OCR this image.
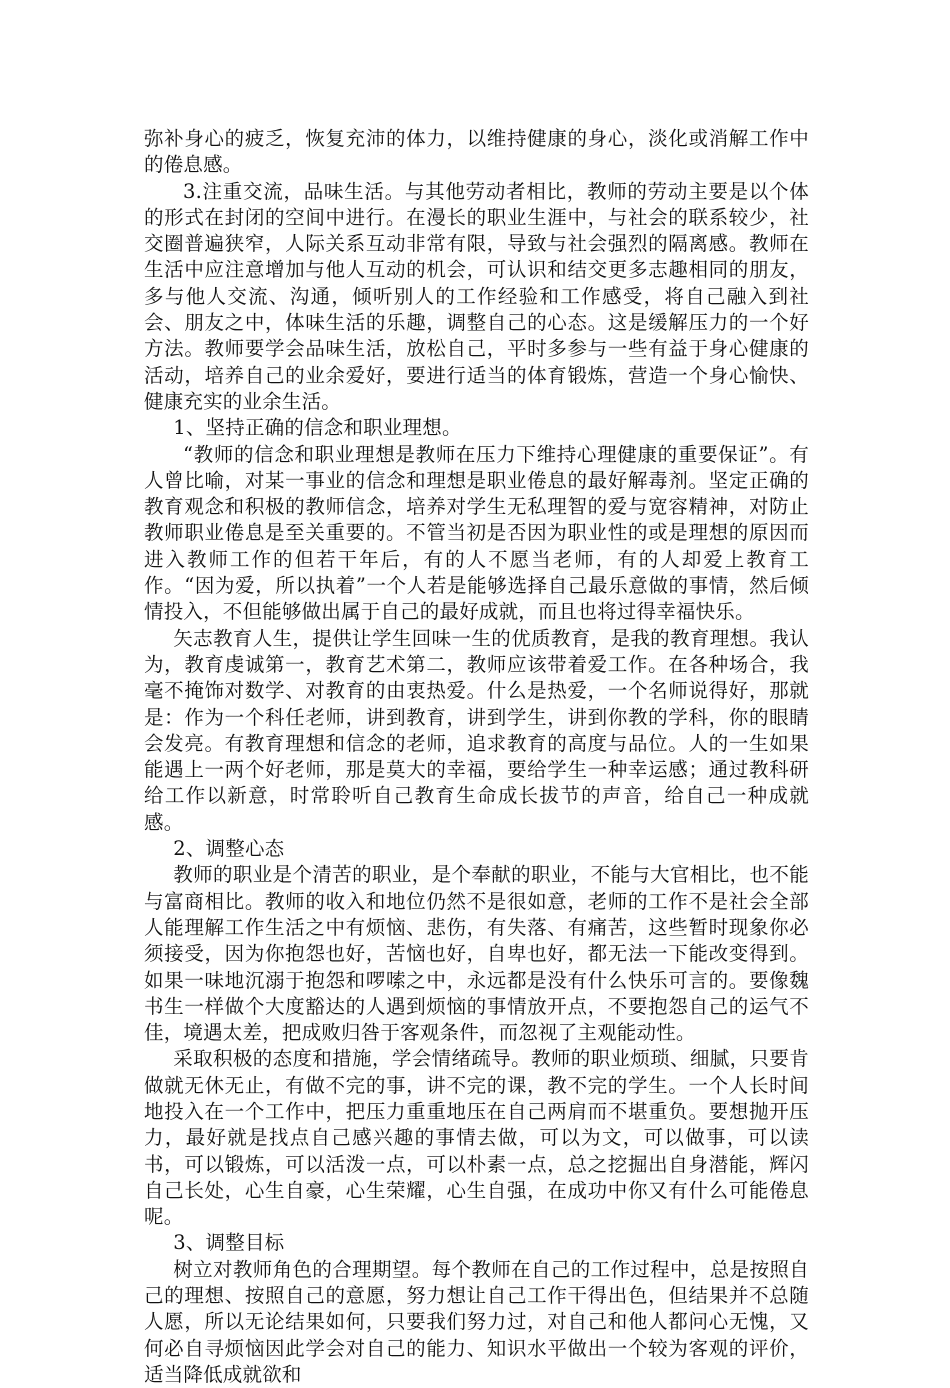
弥补身心的疲乏，恢复充沛的体力，以维持健康的身心，淡化或消解工作中的倦息感。

3.注重交流，品味生活。与其他劳动者相比，教师的劳动主要是以个体的形式在封闭的空间中进行。在漫长的职业生涯中，与社会的联系较少，社交圈普遍狭窄，人际关系互动非常有限，导致与社会强烈的隔离感。教师在生活中应注意增加与他人互动的机会，可认识和结交更多志趣相同的朋友，多与他人交流、沟通，倾听别人的工作经验和工作感受，将自己融入到社会、朋友之中，体味生活的乐趣，调整自己的心态。这是缓解压力的一个好方法。教师要学会品味生活，放松自己，平时多参与一些有益于身心健康的活动，培养自己的业余爱好，要进行适当的体育锻炼，营造一个身心愉快、健康充实的业余生活。

1、坚持正确的信念和职业理想。

“教师的信念和职业理想是教师在压力下维持心理健康的重要保证”。有人曾比喻，对某一事业的信念和理想是职业倦息的最好解毒剂。坚定正确的教育观念和积极的教师信念，培养对学生无私理智的爱与宽容精神，对防止教师职业倦息是至关重要的。不管当初是否因为职业性的或是理想的原因而进入教师工作的但若干年后，有的人不愿当老师，有的人却爱上教育工作。“因为爱，所以执着”一个人若是能够选择自己最乐意做的事情，然后倾情投入，不但能够做出属于自己的最好成就，而且也将过得幸福快乐。

矢志教育人生，提供让学生回味一生的优质教育，是我的教育理想。我认为，教育虔诚第一，教育艺术第二，教师应该带着爱工作。在各种场合，我毫不掩饰对数学、对教育的由衷热爱。什么是热爱，一个名师说得好，那就是：作为一个科任老师，讲到教育，讲到学生，讲到你教的学科，你的眼睛会发亮。有教育理想和信念的老师，追求教育的高度与品位。人的一生如果能遇上一两个好老师，那是莫大的幸福，要给学生一种幸运感；通过教科研给工作以新意，时常聆听自己教育生命成长拔节的声音，给自己一种成就感。

2、调整心态

教师的职业是个清苦的职业，是个奉献的职业，不能与大官相比，也不能与富商相比。教师的收入和地位仍然不是很如意，老师的工作不是社会全部人能理解工作生活之中有烦恼、悲伤，有失落、有痛苦，这些暂时现象你必须接受，因为你抱怨也好，苦恼也好，自卑也好，都无法一下能改变得到。如果一味地沉溺于抱怨和啰嗦之中，永远都是没有什么快乐可言的。要像魏书生一样做个大度豁达的人遇到烦恼的事情放开点，不要抱怨自己的运气不佳，境遇太差，把成败归咎于客观条件，而忽视了主观能动性。

采取积极的态度和措施，学会情绪疏导。教师的职业烦琐、细腻，只要肯做就无休无止，有做不完的事，讲不完的课，教不完的学生。一个人长时间地投入在一个工作中，把压力重重地压在自己两肩而不堪重负。要想抛开压力，最好就是找点自己感兴趣的事情去做，可以为文，可以做事，可以读书，可以锻炼，可以活泼一点，可以朴素一点，总之挖掘出自身潜能，辉闪自己长处，心生自豪，心生荣耀，心生自强，在成功中你又有什么可能倦息呢。

3、调整目标

树立对教师角色的合理期望。每个教师在自己的工作过程中，总是按照自己的理想、按照自己的意愿，努力想让自己工作干得出色，但结果并不总随人愿，所以无论结果如何，只要我们努力过，对自己和他人都问心无愧，又何必自寻烦恼因此学会对自己的能力、知识水平做出一个较为客观的评价，适当降低成就欲和
